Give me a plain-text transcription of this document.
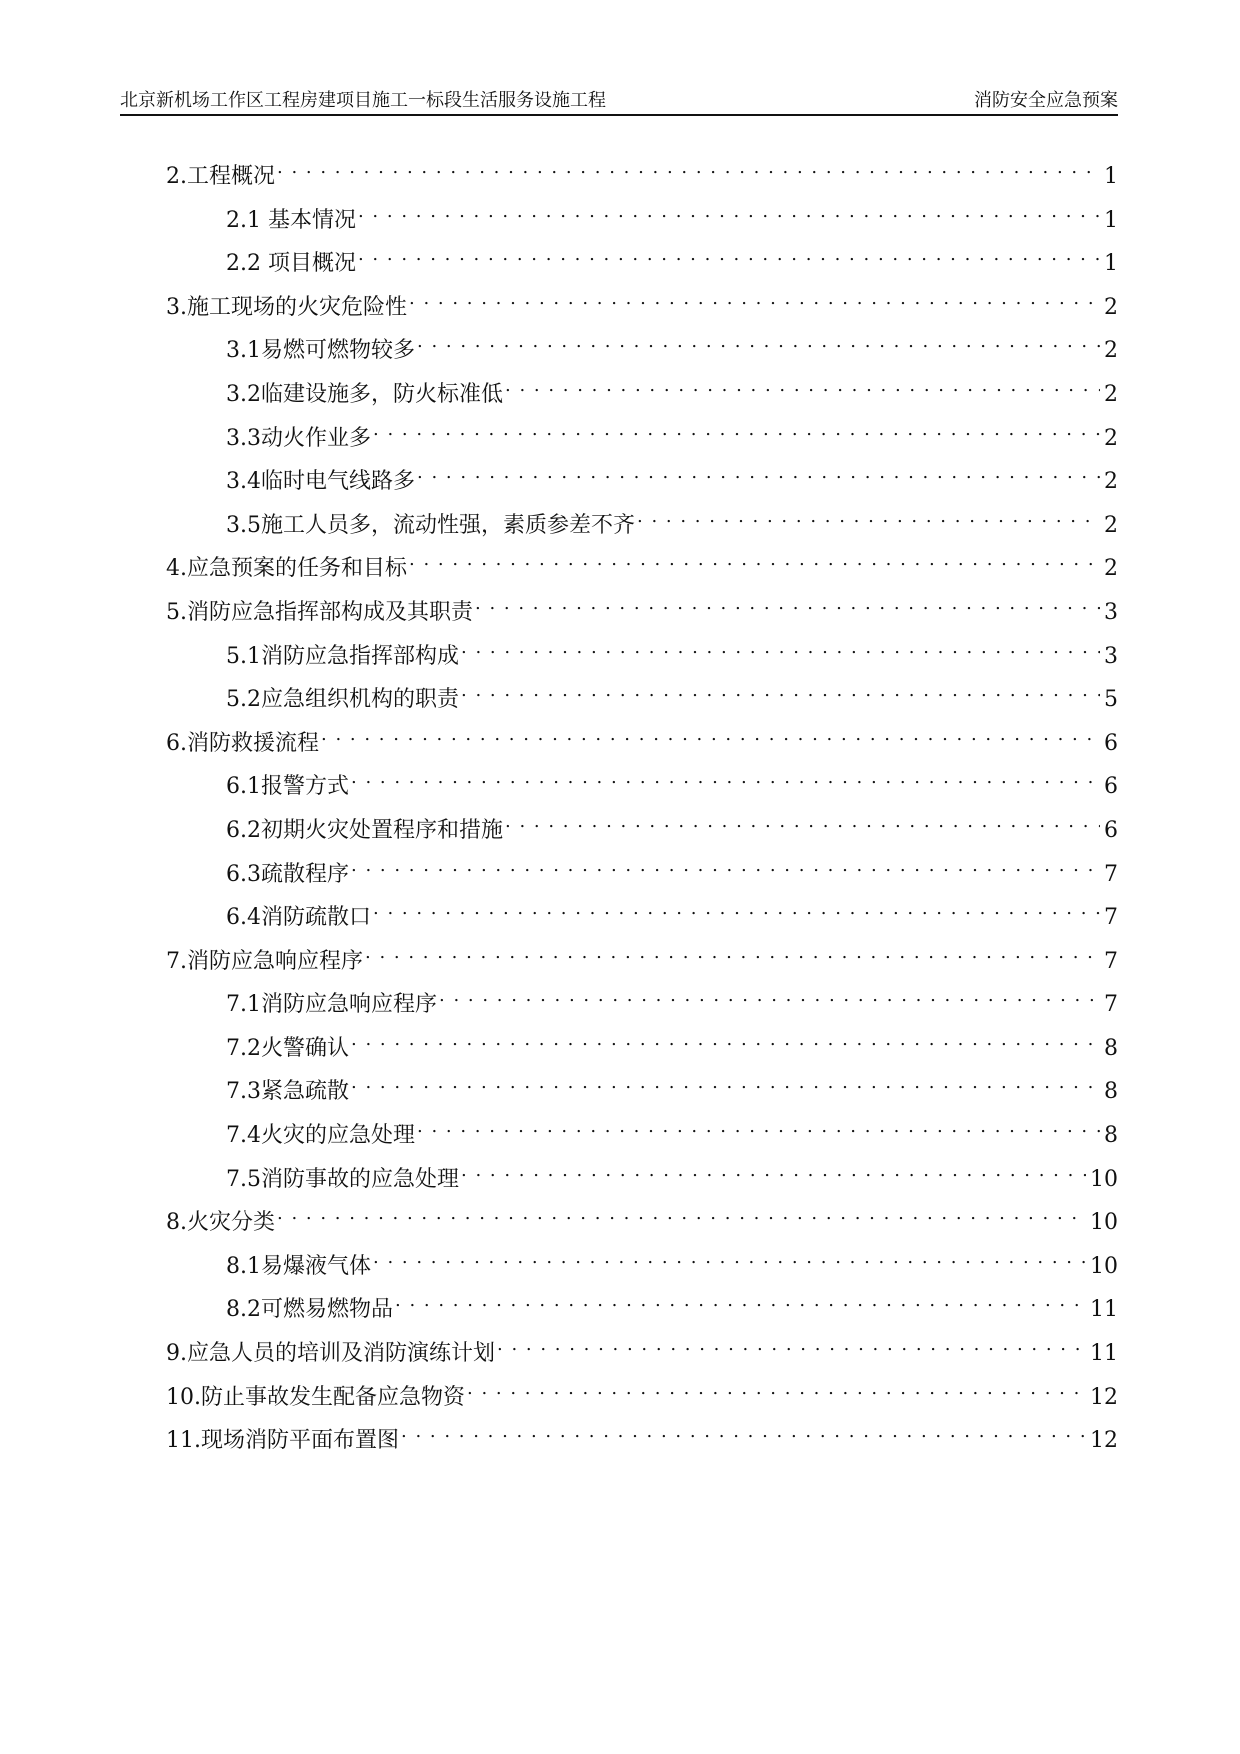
北京新机场工作区工程房建项目施工一标段生活服务设施工程	消防安全应急预案
2.工程概况 . . .	1
2.1 基本情况 . . .	1
2.2 项目概况 . . .	1
3.施工现场的火灾危险性 . . .	2
3.1易燃可燃物较多 . . .	2
3.2临建设施多，防火标准低 . . .	2
3.3动火作业多 . . .	2
3.4临时电气线路多 . . .	2
3.5施工人员多，流动性强，素质参差不齐 . . .	2
4.应急预案的任务和目标 . . .	2
5.消防应急指挥部构成及其职责 . . .	3
5.1消防应急指挥部构成 . . .	3
5.2应急组织机构的职责 . . .	5
6.消防救援流程 . . .	6
6.1报警方式 . . .	6
6.2初期火灾处置程序和措施 . . .	6
6.3疏散程序 . . .	7
6.4消防疏散口 . . .	7
7.消防应急响应程序 . . .	7
7.1消防应急响应程序 . . .	7
7.2火警确认 . . .	8
7.3紧急疏散 . . .	8
7.4火灾的应急处理 . . .	8
7.5消防事故的应急处理 . . .	10
8.火灾分类 . . .	10
8.1易爆液气体 . . .	10
8.2可燃易燃物品 . . .	11
9.应急人员的培训及消防演练计划 . . .	11
10.防止事故发生配备应急物资 . . .	12
11.现场消防平面布置图 . . .	12
